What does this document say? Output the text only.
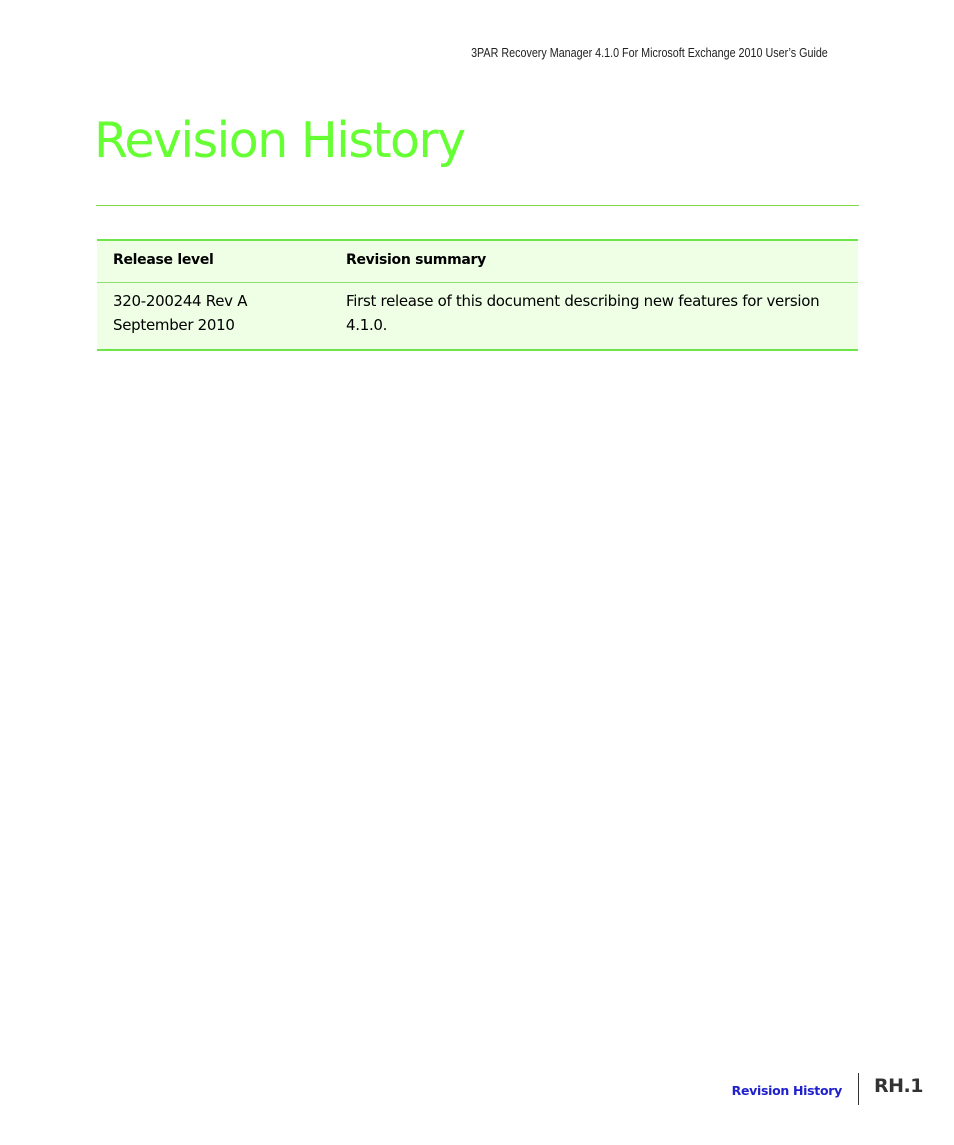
3PAR Recovery Manager 4.1.0 For Microsoft Exchange 2010 User’s Guide
Revision History
Release level	Revision summary

320-200244 Rev A
September 2010	First release of this document describing new features for version 4.1.0.
Revision History RH.1
